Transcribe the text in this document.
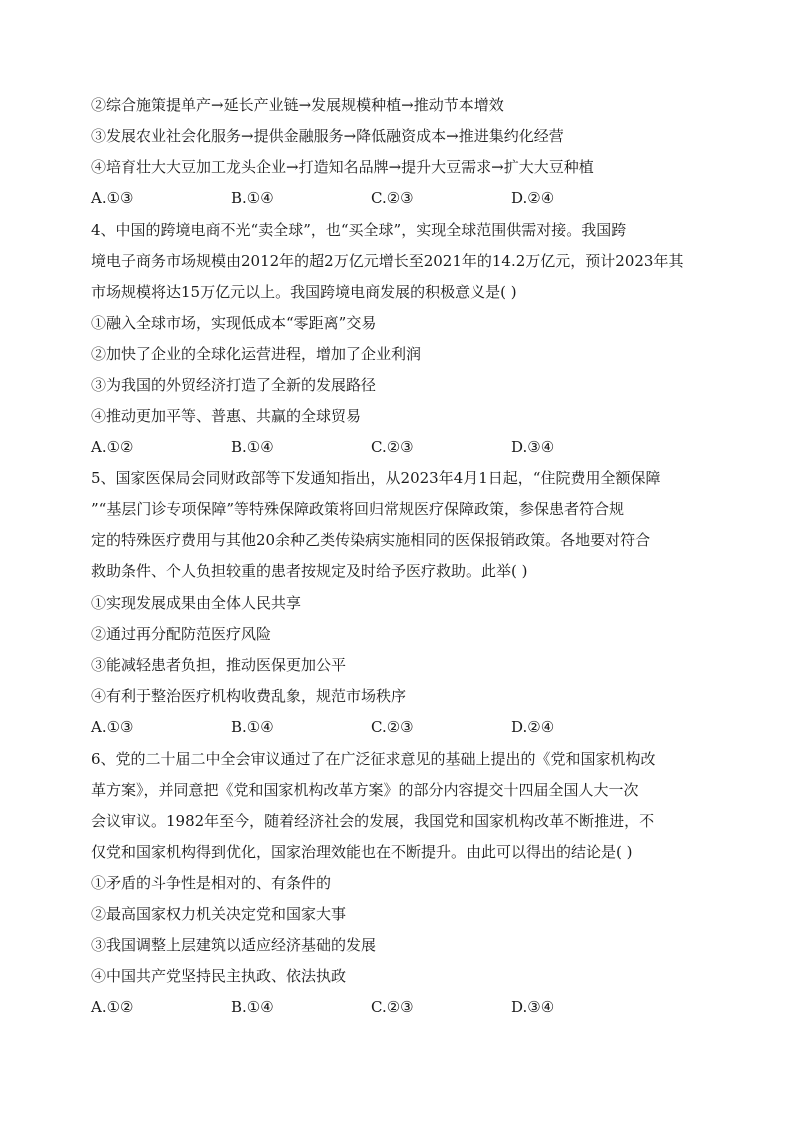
②综合施策提单产→延长产业链→发展规模种植→推动节本增效
③发展农业社会化服务→提供金融服务→降低融资成本→推进集约化经营
④培育壮大大豆加工龙头企业→打造知名品牌→提升大豆需求→扩大大豆种植
A.①③	B.①④	C.②③	D.②④
4、中国的跨境电商不光“卖全球”，也“买全球”，实现全球范围供需对接。我国跨
境电子商务市场规模由2012年的超2万亿元增长至2021年的14.2万亿元，预计2023年其
市场规模将达15万亿元以上。我国跨境电商发展的积极意义是( )
①融入全球市场，实现低成本“零距离”交易
②加快了企业的全球化运营进程，增加了企业利润
③为我国的外贸经济打造了全新的发展路径
④推动更加平等、普惠、共赢的全球贸易
A.①②	B.①④	C.②③	D.③④
5、国家医保局会同财政部等下发通知指出，从2023年4月1日起，“住院费用全额保障
”“基层门诊专项保障”等特殊保障政策将回归常规医疗保障政策，参保患者符合规
定的特殊医疗费用与其他20余种乙类传染病实施相同的医保报销政策。各地要对符合
救助条件、个人负担较重的患者按规定及时给予医疗救助。此举( )
①实现发展成果由全体人民共享
②通过再分配防范医疗风险
③能减轻患者负担，推动医保更加公平
④有利于整治医疗机构收费乱象，规范市场秩序
A.①③	B.①④	C.②③	D.②④
6、党的二十届二中全会审议通过了在广泛征求意见的基础上提出的《党和国家机构改
革方案》，并同意把《党和国家机构改革方案》的部分内容提交十四届全国人大一次
会议审议。1982年至今，随着经济社会的发展，我国党和国家机构改革不断推进，不
仅党和国家机构得到优化，国家治理效能也在不断提升。由此可以得出的结论是( )
①矛盾的斗争性是相对的、有条件的
②最高国家权力机关决定党和国家大事
③我国调整上层建筑以适应经济基础的发展
④中国共产党坚持民主执政、依法执政
A.①②	B.①④	C.②③	D.③④
